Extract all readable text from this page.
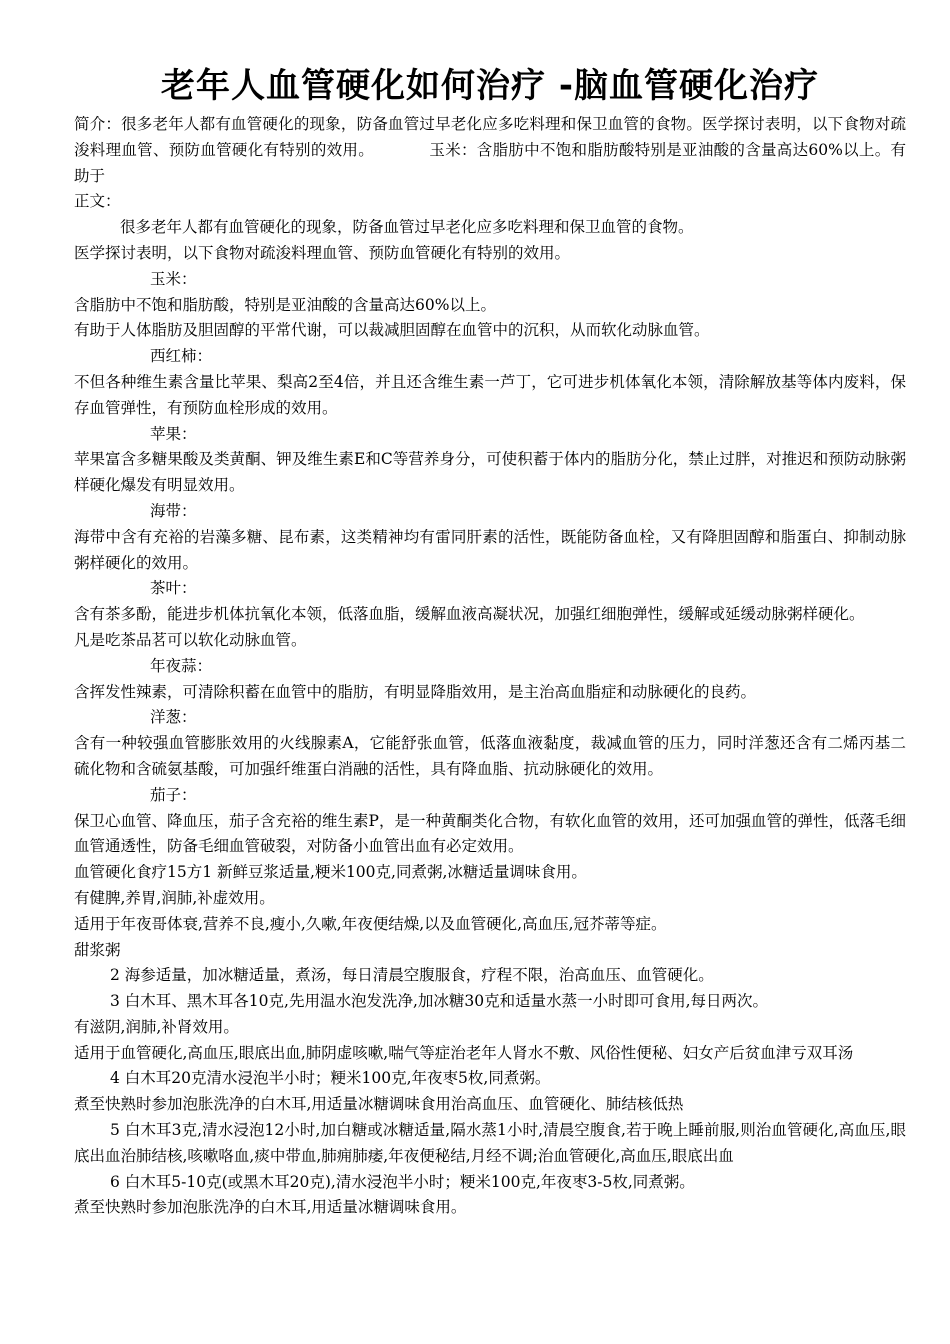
老年人血管硬化如何治疗 -脑血管硬化治疗

简介：很多老年人都有血管硬化的现象，防备血管过早老化应多吃料理和保卫血管的食物。医学探讨表明，以下食物对疏浚料理血管、预防血管硬化有特别的效用。　　　　玉米：含脂肪中不饱和脂肪酸特别是亚油酸的含量高达60%以上。有助于

正文：

很多老年人都有血管硬化的现象，防备血管过早老化应多吃料理和保卫血管的食物。

医学探讨表明，以下食物对疏浚料理血管、预防血管硬化有特别的效用。

玉米：

含脂肪中不饱和脂肪酸，特别是亚油酸的含量高达60%以上。

有助于人体脂肪及胆固醇的平常代谢，可以裁减胆固醇在血管中的沉积，从而软化动脉血管。

西红柿：

不但各种维生素含量比苹果、梨高2至4倍，并且还含维生素一芦丁，它可进步机体氧化本领，清除解放基等体内废料，保存血管弹性，有预防血栓形成的效用。

苹果：

苹果富含多糖果酸及类黄酮、钾及维生素E和C等营养身分，可使积蓄于体内的脂肪分化，禁止过胖，对推迟和预防动脉粥样硬化爆发有明显效用。

海带：

海带中含有充裕的岩藻多糖、昆布素，这类精神均有雷同肝素的活性，既能防备血栓，又有降胆固醇和脂蛋白、抑制动脉粥样硬化的效用。

茶叶：

含有茶多酚，能进步机体抗氧化本领，低落血脂，缓解血液高凝状况，加强红细胞弹性，缓解或延缓动脉粥样硬化。

凡是吃茶品茗可以软化动脉血管。

年夜蒜：

含挥发性辣素，可清除积蓄在血管中的脂肪，有明显降脂效用，是主治高血脂症和动脉硬化的良药。

洋葱：

含有一种较强血管膨胀效用的火线腺素A，它能舒张血管，低落血液黏度，裁减血管的压力，同时洋葱还含有二烯丙基二硫化物和含硫氨基酸，可加强纤维蛋白消融的活性，具有降血脂、抗动脉硬化的效用。

茄子：

保卫心血管、降血压，茄子含充裕的维生素P，是一种黄酮类化合物，有软化血管的效用，还可加强血管的弹性，低落毛细血管通透性，防备毛细血管破裂，对防备小血管出血有必定效用。

血管硬化食疗15方1 新鲜豆浆适量,粳米100克,同煮粥,冰糖适量调味食用。

有健脾,养胃,润肺,补虚效用。

适用于年夜哥体衰,营养不良,瘦小,久嗽,年夜便结燥,以及血管硬化,高血压,冠芥蒂等症。

甜浆粥

2 海参适量，加冰糖适量，煮汤，每日清晨空腹服食，疗程不限，治高血压、血管硬化。

3 白木耳、黑木耳各10克,先用温水泡发洗净,加冰糖30克和适量水蒸一小时即可食用,每日两次。

有滋阴,润肺,补肾效用。

适用于血管硬化,高血压,眼底出血,肺阴虚咳嗽,喘气等症治老年人肾水不敷、风俗性便秘、妇女产后贫血津亏双耳汤

4 白木耳20克清水浸泡半小时；粳米100克,年夜枣5枚,同煮粥。

煮至快熟时参加泡胀洗净的白木耳,用适量冰糖调味食用治高血压、血管硬化、肺结核低热

5 白木耳3克,清水浸泡12小时,加白糖或冰糖适量,隔水蒸1小时,清晨空腹食,若于晚上睡前服,则治血管硬化,高血压,眼底出血治肺结核,咳嗽咯血,痰中带血,肺痈肺痿,年夜便秘结,月经不调;治血管硬化,高血压,眼底出血

6 白木耳5-10克(或黑木耳20克),清水浸泡半小时；粳米100克,年夜枣3-5枚,同煮粥。

煮至快熟时参加泡胀洗净的白木耳,用适量冰糖调味食用。
